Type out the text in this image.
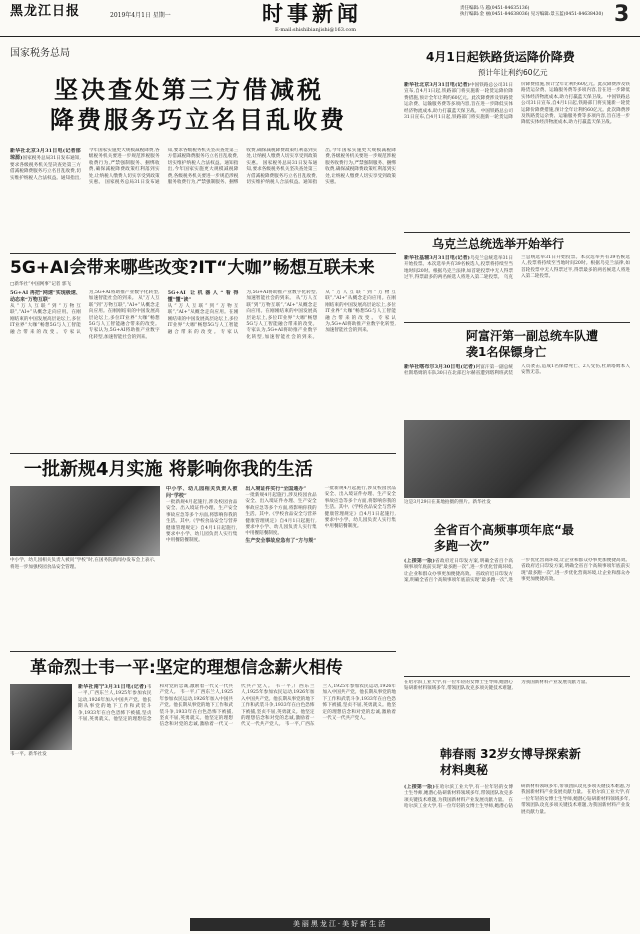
黑龙江日报	2019年4月1日 星期一	时事新闻
E-mail:shishibianjishi@163.com
责任编辑:马 越(0451-84635136)
执行编辑:金 丽(0451-84638036) 见习编辑:景玉蓝(0451-84638430) 3
国家税务总局
坚决查处第三方借减税
降费服务巧立名目乱收费
新华社北京3月31日电(记者郁琼源)国家税务总局31日发布通知,要求各级税务机关坚决查处第三方借减税降费服务巧立名目乱收费,切实维护纳税人合法权益。通知指出,今年国家实施更大规模减税降费,各级税务机关要进一步规范涉税服务收费行为,严禁强制服务、捆绑收费,确保减税降费政策红利落到实处,让纳税人缴费人切实享受到政策实惠。 国家税务总局31日发布通知,要求各级税务机关坚决查处第三方借减税降费服务巧立名目乱收费,切实维护纳税人合法权益。通知指出,今年国家实施更大规模减税降费,各级税务机关要进一步规范涉税服务收费行为,严禁强制服务、捆绑收费,确保减税降费政策红利落到实处,让纳税人缴费人切实享受到政策实惠。 国家税务总局31日发布通知,要求各级税务机关坚决查处第三方借减税降费服务巧立名目乱收费,切实维护纳税人合法权益。通知指出,今年国家实施更大规模减税降费,各级税务机关要进一步规范涉税服务收费行为,严禁强制服务、捆绑收费,确保减税降费政策红利落到实处,让纳税人缴费人切实享受到政策实惠。
4月1日起铁路货运降价降费
预计年让利约60亿元
新华社北京3月31日电(记者)中国铁路总公司31日宣布,自4月1日起,铁路部门将实施新一轮货运降价降费措施,预计全年让利约60亿元。此次降费涉及铁路货运杂费、运输服务费等多项内容,旨在进一步降低实体经济物流成本,助力打赢蓝天保卫战。 中国铁路总公司31日宣布,自4月1日起,铁路部门将实施新一轮货运降价降费措施,预计全年让利约60亿元。此次降费涉及铁路货运杂费、运输服务费等多项内容,旨在进一步降低实体经济物流成本,助力打赢蓝天保卫战。 中国铁路总公司31日宣布,自4月1日起,铁路部门将实施新一轮货运降价降费措施,预计全年让利约60亿元。此次降费涉及铁路货运杂费、运输服务费等多项内容,旨在进一步降低实体经济物流成本,助力打赢蓝天保卫战。
乌克兰总统选举开始举行
新华社基辅3月31日电(记者)乌克兰总统选举31日开始投票。本次选举共有39名候选人,投票将持续至当地时间20时。根据乌克兰法律,如首轮投票中无人得票过半,得票最多的两名候选人将进入第二轮投票。 乌克兰总统选举31日开始投票。本次选举共有39名候选人,投票将持续至当地时间20时。根据乌克兰法律,如首轮投票中无人得票过半,得票最多的两名候选人将进入第二轮投票。
阿富汗第一副总统车队遭袭1名保镖身亡
新华社喀布尔3月30日电(记者)阿富汗第一副总统杜斯塔姆的车队30日在北部巴尔赫省遭到塔利班武装人员袭击,造成1名保镖死亡、2人受伤,杜斯塔姆本人安然无恙。
5G+AI会带来哪些改变?IT“大咖”畅想互联未来
□新华社“中国网事”记者 郭飞
5G+AI 再把“网速”实现极速、动态来“万物互联”
从“万人互联”到“万物互联”,“AI+”从概念走向应用。在刚刚结束的中国发展高层论坛上,多位IT业界“大咖”畅想5G与人工智能融合带来的改变。专家认为,5G+AI将助推产业数字化转型,加速智能社会的到来。 从“万人互联”到“万物互联”,“AI+”从概念走向应用。在刚刚结束的中国发展高层论坛上,多位IT业界“大咖”畅想5G与人工智能融合带来的改变。专家认为,5G+AI将助推产业数字化转型,加速智能社会的到来。
5G+AI 让机器人“看得懂”懂“读”
从“万人互联”到“万物互联”,“AI+”从概念走向应用。在刚刚结束的中国发展高层论坛上,多位IT业界“大咖”畅想5G与人工智能融合带来的改变。专家认为,5G+AI将助推产业数字化转型,加速智能社会的到来。 从“万人互联”到“万物互联”,“AI+”从概念走向应用。在刚刚结束的中国发展高层论坛上,多位IT业界“大咖”畅想5G与人工智能融合带来的改变。专家认为,5G+AI将助推产业数字化转型,加速智能社会的到来。 从“万人互联”到“万物互联”,“AI+”从概念走向应用。在刚刚结束的中国发展高层论坛上,多位IT业界“大咖”畅想5G与人工智能融合带来的改变。专家认为,5G+AI将助推产业数字化转型,加速智能社会的到来。
这是3月29日在某地拍摄的照片。新华社发
一批新规4月实施 将影响你我的生活
中小学、幼儿园相关负责人被问“学校”时,在国务院新闻办发布会上表示,将进一步加强校园食品安全管理。
中小学、幼儿园相关负责人被问“学校”
一批新规4月起施行,涉及校园食品安全、出入境证件办理、生产安全事故应急等多个方面,将影响你我的生活。其中,《学校食品安全与营养健康管理规定》自4月1日起施行,要求中小学、幼儿园负责人实行集中用餐陪餐制度。
出入境证件实行“全国通办”
一批新规4月起施行,涉及校园食品安全、出入境证件办理、生产安全事故应急等多个方面,将影响你我的生活。其中,《学校食品安全与营养健康管理规定》自4月1日起施行,要求中小学、幼儿园负责人实行集中用餐陪餐制度。
生产安全事故应急有了“方与规”
一批新规4月起施行,涉及校园食品安全、出入境证件办理、生产安全事故应急等多个方面,将影响你我的生活。其中,《学校食品安全与营养健康管理规定》自4月1日起施行,要求中小学、幼儿园负责人实行集中用餐陪餐制度。	全省百个高频事项年底“最多跑一次”
(上接第一版)省政府近日印发方案,明确全省百个高频事项年底前实现“最多跑一次”,进一步优化营商环境,让企业和群众办事更加便捷高效。 省政府近日印发方案,明确全省百个高频事项年底前实现“最多跑一次”,进一步优化营商环境,让企业和群众办事更加便捷高效。 省政府近日印发方案,明确全省百个高频事项年底前实现“最多跑一次”,进一步优化营商环境,让企业和群众办事更加便捷高效。
革命烈士韦一平:坚定的理想信念薪火相传
韦一平。新华社发
新华社南宁3月31日电(记者)韦一平,广西东兰人,1925年参加农民运动,1926年加入中国共产党。他长期从事党的地下工作和武装斗争,1933年在白色恐怖下被捕,坚贞不屈,英勇就义。他坚定的理想信念和对党的忠诚,激励着一代又一代共产党人。 韦一平,广西东兰人,1925年参加农民运动,1926年加入中国共产党。他长期从事党的地下工作和武装斗争,1933年在白色恐怖下被捕,坚贞不屈,英勇就义。他坚定的理想信念和对党的忠诚,激励着一代又一代共产党人。 韦一平,广西东兰人,1925年参加农民运动,1926年加入中国共产党。他长期从事党的地下工作和武装斗争,1933年在白色恐怖下被捕,坚贞不屈,英勇就义。他坚定的理想信念和对党的忠诚,激励着一代又一代共产党人。 韦一平,广西东兰人,1925年参加农民运动,1926年加入中国共产党。他长期从事党的地下工作和武装斗争,1933年在白色恐怖下被捕,坚贞不屈,英勇就义。他坚定的理想信念和对党的忠诚,激励着一代又一代共产党人。
在哈尔滨工业大学,有一位年轻的女博士生导师,她潜心钻研新材料领域多年,带领团队攻克多项关键技术难题,为我国新材料产业发展贡献力量。
韩春雨 32岁女博导探索新材料奥秘
(上接第一版)在哈尔滨工业大学,有一位年轻的女博士生导师,她潜心钻研新材料领域多年,带领团队攻克多项关键技术难题,为我国新材料产业发展贡献力量。 在哈尔滨工业大学,有一位年轻的女博士生导师,她潜心钻研新材料领域多年,带领团队攻克多项关键技术难题,为我国新材料产业发展贡献力量。 在哈尔滨工业大学,有一位年轻的女博士生导师,她潜心钻研新材料领域多年,带领团队攻克多项关键技术难题,为我国新材料产业发展贡献力量。
美丽黑龙江·美好新生活
